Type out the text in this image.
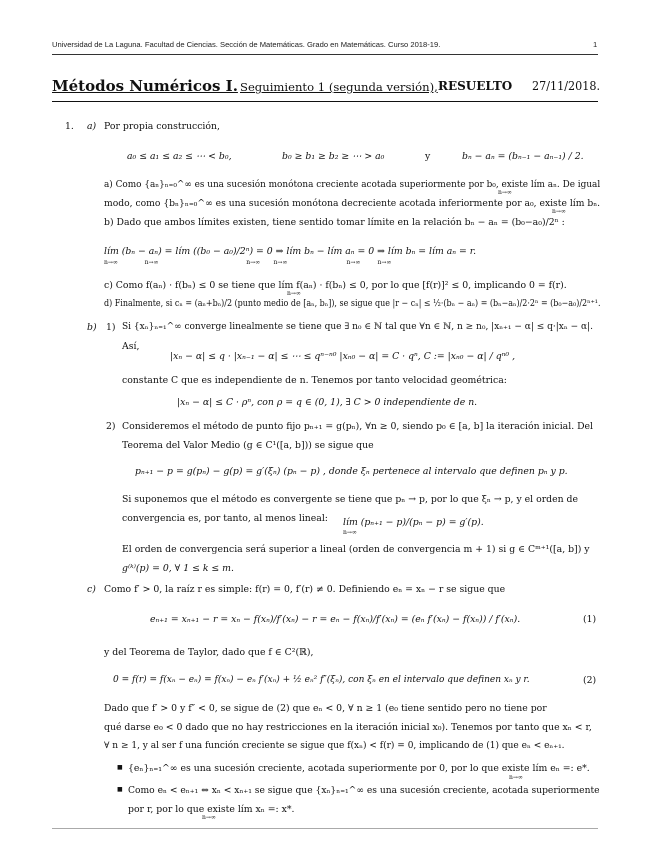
Universidad de La Laguna. Facultad de Ciencias. Sección de Matemáticas. Grado en Matemáticas. Curso 2018-19.	1
Métodos Numéricos I. Seguimiento 1 (segunda versión), RESUELTO 27/11/2018.
1. a) Por propia construcción,
a₀ ≤ a₁ ≤ a₂ ≤ ⋯ < b₀,	b₀ ≥ b₁ ≥ b₂ ≥ ⋯ > a₀	y	bₙ − aₙ = (bₙ₋₁ − aₙ₋₁) / 2.
a) Como {aₙ}ₙ₌₀^∞ es una sucesión monótona creciente acotada superiormente por b₀, existe lím aₙ. De igual
n→∞
modo, como {bₙ}ₙ₌₀^∞ es una sucesión monótona decreciente acotada inferiormente por a₀, existe lím bₙ.
n→∞
b) Dado que ambos límites existen, tiene sentido tomar límite en la relación bₙ − aₙ = (b₀−a₀)/2ⁿ :
lím (bₙ − aₙ) = lím ((b₀ − a₀)/2ⁿ) = 0 ⇒ lím bₙ − lím aₙ = 0 ⇒ lím bₙ = lím aₙ = r.
n→∞              n→∞                                              n→∞       n→∞                               n→∞         n→∞
c) Como f(aₙ) · f(bₙ) ≤ 0 se tiene que lím f(aₙ) · f(bₙ) ≤ 0, por lo que [f(r)]² ≤ 0, implicando 0 = f(r).
n→∞
d) Finalmente, si cₙ = (aₙ+bₙ)/2 (punto medio de [aₙ, bₙ]), se sigue que |r − cₙ| ≤ ½·(bₙ − aₙ) = (bₙ−aₙ)/2·2ⁿ = (b₀−a₀)/2ⁿ⁺¹.
b) 1) Si {xₙ}ₙ₌₁^∞ converge linealmente se tiene que ∃ n₀ ∈ ℕ tal que ∀n ∈ ℕ, n ≥ n₀, |xₙ₊₁ − α| ≤ q·|xₙ − α|.
Así,
|xₙ − α| ≤ q · |xₙ₋₁ − α| ≤ ⋯ ≤ qⁿ⁻ⁿ⁰ |xₙ₀ − α| = C · qⁿ, C := |xₙ₀ − α| / qⁿ⁰ ,
constante C que es independiente de n. Tenemos por tanto velocidad geométrica:
|xₙ − α| ≤ C · ρⁿ, con ρ = q ∈ (0, 1), ∃ C > 0 independiente de n.
2) Consideremos el método de punto fijo pₙ₊₁ = g(pₙ), ∀n ≥ 0, siendo p₀ ∈ [a, b] la iteración inicial. Del
Teorema del Valor Medio (g ∈ C¹([a, b])) se sigue que
pₙ₊₁ − p = g(pₙ) − g(p) = g′(ξₙ) (pₙ − p) , donde ξₙ pertenece al intervalo que definen pₙ y p.
Si suponemos que el método es convergente se tiene que pₙ → p, por lo que ξₙ → p, y el orden de
convergencia es, por tanto, al menos lineal: lím (pₙ₊₁ − p)/(pₙ − p) = g′(p).
n→∞
El orden de convergencia será superior a lineal (orden de convergencia m + 1) si g ∈ Cᵐ⁺¹([a, b]) y
g⁽ᵏ⁾(p) = 0, ∀ 1 ≤ k ≤ m.
c) Como f′ > 0, la raíz r es simple: f(r) = 0, f′(r) ≠ 0. Definiendo eₙ = xₙ − r se sigue que
eₙ₊₁ = xₙ₊₁ − r = xₙ − f(xₙ)/f′(xₙ) − r = eₙ − f(xₙ)/f′(xₙ) = (eₙ f′(xₙ) − f(xₙ)) / f′(xₙ).	(1)
y del Teorema de Taylor, dado que f ∈ C²(ℝ),
0 = f(r) = f(xₙ − eₙ) = f(xₙ) − eₙ f′(xₙ) + ½ eₙ² f″(ξₙ), con ξₙ en el intervalo que definen xₙ y r.	(2)
Dado que f′ > 0 y f″ < 0, se sigue de (2) que eₙ < 0, ∀ n ≥ 1 (e₀ tiene sentido pero no tiene por
qué darse e₀ < 0 dado que no hay restricciones en la iteración inicial x₀). Tenemos por tanto que xₙ < r,
∀ n ≥ 1, y al ser f una función creciente se sigue que f(xₙ) < f(r) = 0, implicando de (1) que eₙ < eₙ₊₁.
■ {eₙ}ₙ₌₁^∞ es una sucesión creciente, acotada superiormente por 0, por lo que existe lím eₙ =: e*.
n→∞
■ Como eₙ < eₙ₊₁ ⇔ xₙ < xₙ₊₁ se sigue que {xₙ}ₙ₌₁^∞ es una sucesión creciente, acotada superiormente
por r, por lo que existe lím xₙ =: x*.
n→∞
